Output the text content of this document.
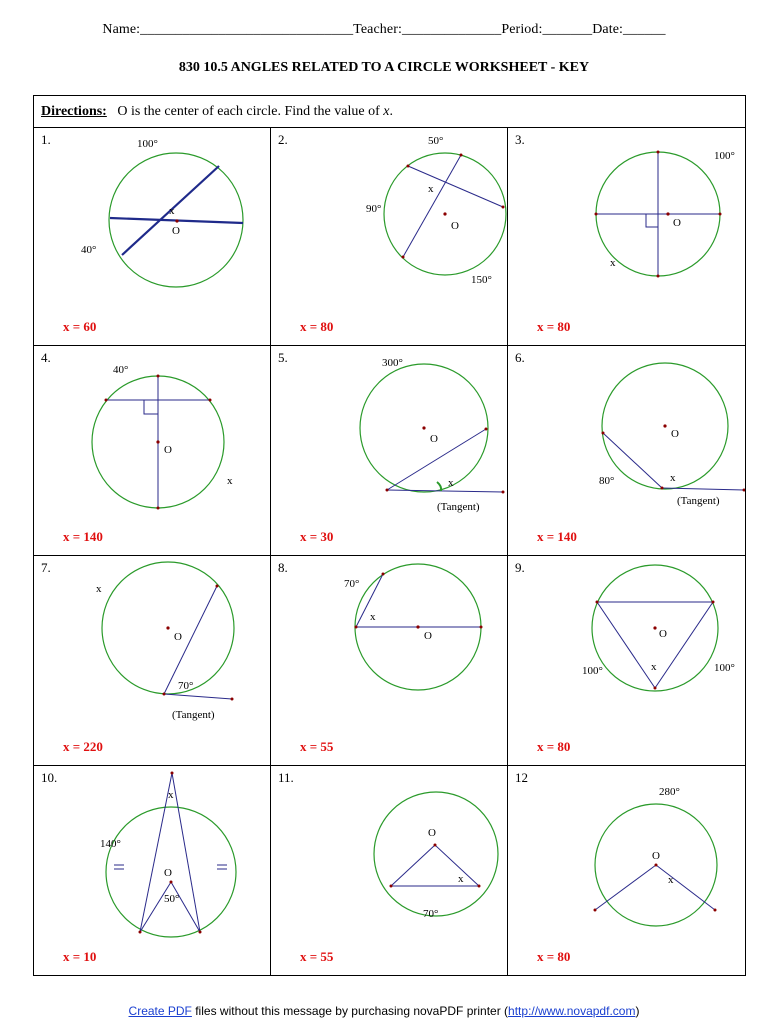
Name:______________________________Teacher:______________Period:_______Date:______
830 10.5 ANGLES RELATED TO A CIRCLE WORKSHEET - KEY
Directions: O is the center of each circle. Find the value of x.
100°
40°
x
O
1.
x = 60
50°
90°
150°
x
O
2.
x = 80
100°
x
O
3.
x = 80
40°
x
O
4.
x = 140
300°
x
O
(Tangent)
5.
x = 30
80°	x
O
(Tangent)
6.
x = 140
x
70°
O
(Tangent)
7.
x = 220
70°
x
O
8.
x = 55
100°	100°
x
O
9.
x = 80
140°
50°
x
O
10.
x = 10
70°
x
O
11.
x = 55
280°
x
O
12
x = 80
Create PDF files without this message by purchasing novaPDF printer (http://www.novapdf.com)
